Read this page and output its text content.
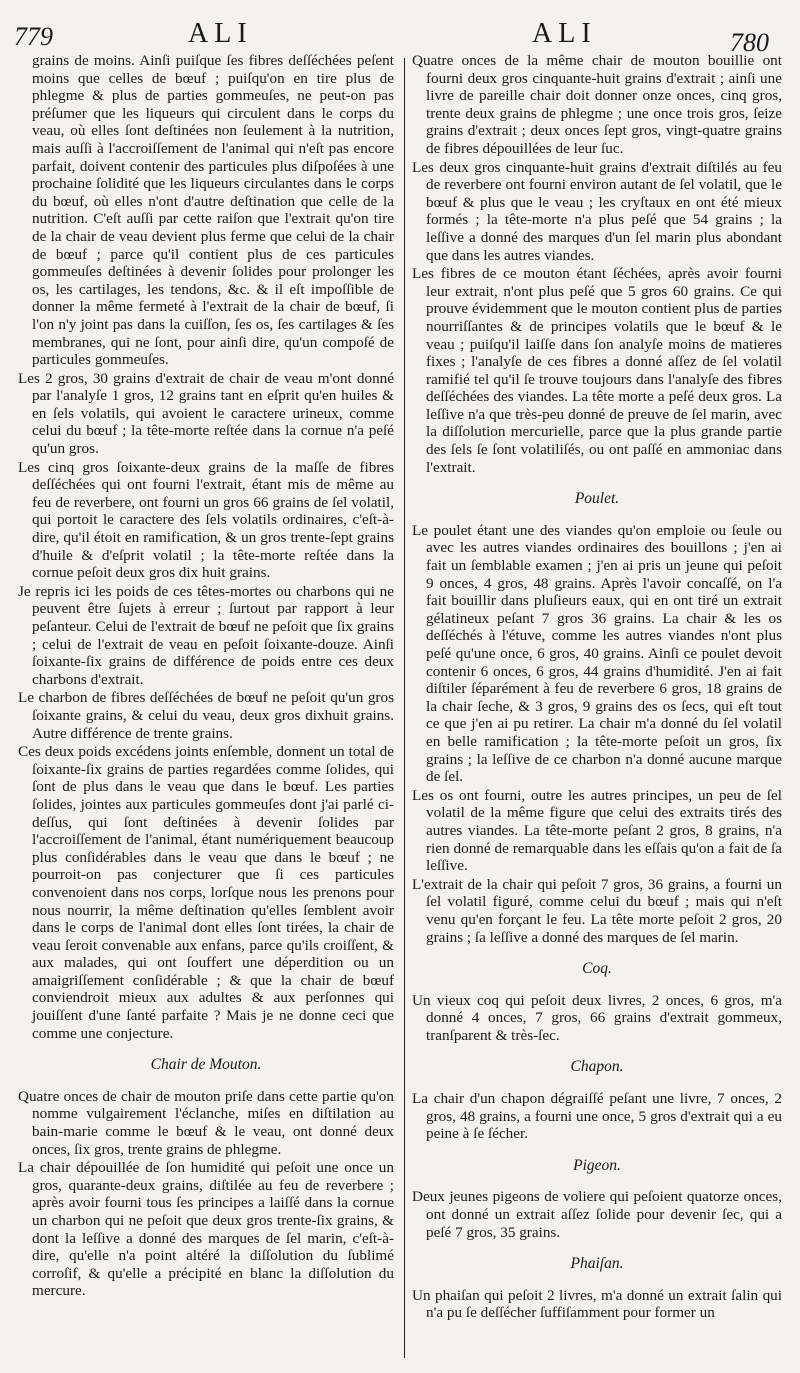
779	ALI	ALI	780

grains de moins. Ainſi puiſque ſes fibres deſſéchées peſent moins que celles de bœuf ; puiſqu'on en tire plus de phlegme & plus de parties gommeuſes, ne peut-on pas préſumer que les liqueurs qui circulent dans le corps du veau, où elles ſont deſtinées non ſeulement à la nutrition, mais auſſi à l'accroiſſement de l'animal qui n'eſt pas encore parfait, doivent contenir des particules plus diſpoſées à une prochaine ſolidité que les liqueurs circulantes dans le corps du bœuf, où elles n'ont d'autre deſtination que celle de la nutrition. C'eſt auſſi par cette raiſon que l'extrait qu'on tire de la chair de veau devient plus ferme que celui de la chair de bœuf ; parce qu'il contient plus de ces particules gommeuſes deſtinées à devenir ſolides pour prolonger les os, les cartilages, les tendons, &c. & il eſt impoſſible de donner la même fermeté à l'extrait de la chair de bœuf, ſi l'on n'y joint pas dans la cuiſſon, ſes os, ſes cartilages & ſes membranes, qui ne ſont, pour ainſi dire, qu'un compoſé de particules gommeuſes.

Les 2 gros, 30 grains d'extrait de chair de veau m'ont donné par l'analyſe 1 gros, 12 grains tant en eſprit qu'en huiles & en ſels volatils, qui avoient le caractere urineux, comme celui du bœuf ; la tête-morte reſtée dans la cornue n'a peſé qu'un gros.

Les cinq gros ſoixante-deux grains de la maſſe de fibres deſſéchées qui ont fourni l'extrait, étant mis de même au feu de reverbere, ont fourni un gros 66 grains de ſel volatil, qui portoit le caractere des ſels volatils ordinaires, c'eſt-à-dire, qu'il étoit en ramification, & un gros trente-ſept grains d'huile & d'eſprit volatil ; la tête-morte reſtée dans la cornue peſoit deux gros dix huit grains.

Je repris ici les poids de ces têtes-mortes ou charbons qui ne peuvent être ſujets à erreur ; ſurtout par rapport à leur peſanteur. Celui de l'extrait de bœuf ne peſoit que ſix grains ; celui de l'extrait de veau en peſoit ſoixante-douze. Ainſi ſoixante-ſix grains de différence de poids entre ces deux charbons d'extrait.

Le charbon de fibres deſſéchées de bœuf ne peſoit qu'un gros ſoixante grains, & celui du veau, deux gros dixhuit grains. Autre différence de trente grains.

Ces deux poids excédens joints enſemble, donnent un total de ſoixante-ſix grains de parties regardées comme ſolides, qui ſont de plus dans le veau que dans le bœuf. Les parties ſolides, jointes aux particules gommeuſes dont j'ai parlé ci-deſſus, qui ſont deſtinées à devenir ſolides par l'accroiſſement de l'animal, étant numériquement beaucoup plus conſidérables dans le veau que dans le bœuf ; ne pourroit-on pas conjecturer que ſi ces particules convenoient dans nos corps, lorſque nous les prenons pour nous nourrir, la même deſtination qu'elles ſemblent avoir dans le corps de l'animal dont elles ſont tirées, la chair de veau ſeroit convenable aux enfans, parce qu'ils croiſſent, & aux malades, qui ont ſouffert une déperdition ou un amaigriſſement conſidérable ; & que la chair de bœuf conviendroit mieux aux adultes & aux perſonnes qui jouiſſent d'une ſanté parfaite ? Mais je ne donne ceci que comme une conjecture.

Chair de Mouton.

Quatre onces de chair de mouton priſe dans cette partie qu'on nomme vulgairement l'éclanche, miſes en diſtilation au bain-marie comme le bœuf & le veau, ont donné deux onces, ſix gros, trente grains de phlegme.

La chair dépouillée de ſon humidité qui peſoit une once un gros, quarante-deux grains, diſtilée au feu de reverbere ; après avoir fourni tous ſes principes a laiſſé dans la cornue un charbon qui ne peſoit que deux gros trente-ſix grains, & dont la leſſive a donné des marques de ſel marin, c'eſt-à-dire, qu'elle n'a point altéré la diſſolution du ſublimé corroſif, & qu'elle a précipité en blanc la diſſolution du mercure.

Quatre onces de la même chair de mouton bouillie ont fourni deux gros cinquante-huit grains d'extrait ; ainſi une livre de pareille chair doit donner onze onces, cinq gros, trente deux grains de phlegme ; une once trois gros, ſeize grains d'extrait ; deux onces ſept gros, vingt-quatre grains de fibres dépouillées de leur ſuc.

Les deux gros cinquante-huit grains d'extrait diſtilés au feu de reverbere ont fourni environ autant de ſel volatil, que le bœuf & plus que le veau ; les cryſtaux en ont été mieux formés ; la tête-morte n'a plus peſé que 54 grains ; la leſſive a donné des marques d'un ſel marin plus abondant que dans les autres viandes.

Les fibres de ce mouton étant ſéchées, après avoir fourni leur extrait, n'ont plus peſé que 5 gros 60 grains. Ce qui prouve évidemment que le mouton contient plus de parties nourriſſantes & de principes volatils que le bœuf & le veau ; puiſqu'il laiſſe dans ſon analyſe moins de matieres fixes ; l'analyſe de ces fibres a donné aſſez de ſel volatil ramifié tel qu'il ſe trouve toujours dans l'analyſe des fibres deſſéchées des viandes. La tête morte a peſé deux gros. La leſſive n'a que très-peu donné de preuve de ſel marin, avec la diſſolution mercurielle, parce que la plus grande partie des ſels ſe ſont volatiliſés, ou ont paſſé en ammoniac dans l'extrait.

Poulet.

Le poulet étant une des viandes qu'on emploie ou ſeule ou avec les autres viandes ordinaires des bouillons ; j'en ai fait un ſemblable examen ; j'en ai pris un jeune qui peſoit 9 onces, 4 gros, 48 grains. Après l'avoir concaſſé, on l'a fait bouillir dans pluſieurs eaux, qui en ont tiré un extrait gélatineux peſant 7 gros 36 grains. La chair & les os deſſéchés à l'étuve, comme les autres viandes n'ont plus peſé qu'une once, 6 gros, 40 grains. Ainſi ce poulet devoit contenir 6 onces, 6 gros, 44 grains d'humidité. J'en ai fait diſtiler ſéparément à feu de reverbere 6 gros, 18 grains de la chair ſeche, & 3 gros, 9 grains des os ſecs, qui eſt tout ce que j'en ai pu retirer. La chair m'a donné du ſel volatil en belle ramification ; la tête-morte peſoit un gros, ſix grains ; la leſſive de ce charbon n'a donné aucune marque de ſel.

Les os ont fourni, outre les autres principes, un peu de ſel volatil de la même figure que celui des extraits tirés des autres viandes. La tête-morte peſant 2 gros, 8 grains, n'a rien donné de remarquable dans les eſſais qu'on a fait de ſa leſſive.

L'extrait de la chair qui peſoit 7 gros, 36 grains, a fourni un ſel volatil figuré, comme celui du bœuf ; mais qui n'eſt venu qu'en forçant le feu. La tête morte peſoit 2 gros, 20 grains ; ſa leſſive a donné des marques de ſel marin.

Coq.

Un vieux coq qui peſoit deux livres, 2 onces, 6 gros, m'a donné 4 onces, 7 gros, 66 grains d'extrait gommeux, tranſparent & très-ſec.

Chapon.

La chair d'un chapon dégraiſſé peſant une livre, 7 onces, 2 gros, 48 grains, a fourni une once, 5 gros d'extrait qui a eu peine à ſe ſécher.

Pigeon.

Deux jeunes pigeons de voliere qui peſoient quatorze onces, ont donné un extrait aſſez ſolide pour devenir ſec, qui a peſé 7 gros, 35 grains.

Phaiſan.

Un phaiſan qui peſoit 2 livres, m'a donné un extrait ſalin qui n'a pu ſe deſſécher ſuffiſamment pour former un
